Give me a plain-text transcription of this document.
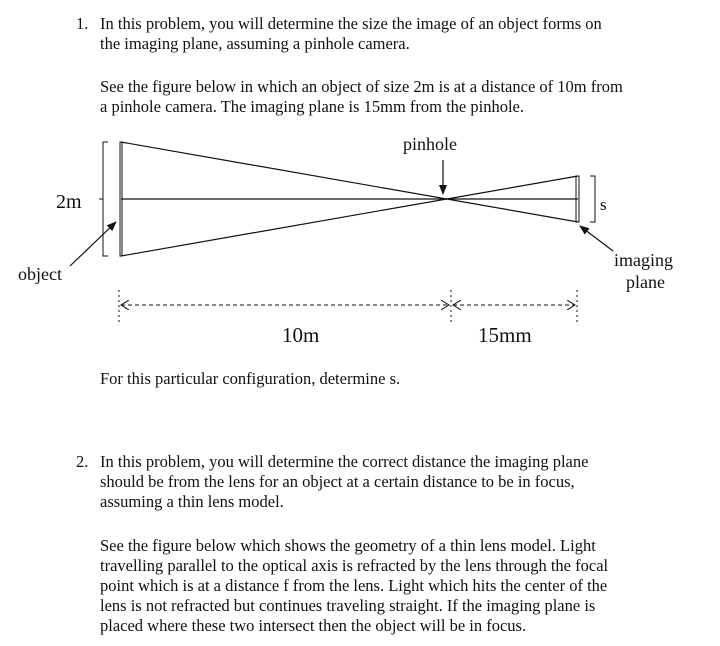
1. In this problem, you will determine the size the image of an object forms on
the imaging plane, assuming a pinhole camera.

See the figure below in which an object of size 2m is at a distance of 10m from
a pinhole camera. The imaging plane is 15mm from the pinhole.

pinhole
2m
object
s
imaging
plane
10m	15mm

For this particular configuration, determine s.

2. In this problem, you will determine the correct distance the imaging plane
should be from the lens for an object at a certain distance to be in focus,
assuming a thin lens model.

See the figure below which shows the geometry of a thin lens model. Light
travelling parallel to the optical axis is refracted by the lens through the focal
point which is at a distance f from the lens. Light which hits the center of the
lens is not refracted but continues traveling straight. If the imaging plane is
placed where these two intersect then the object will be in focus.
